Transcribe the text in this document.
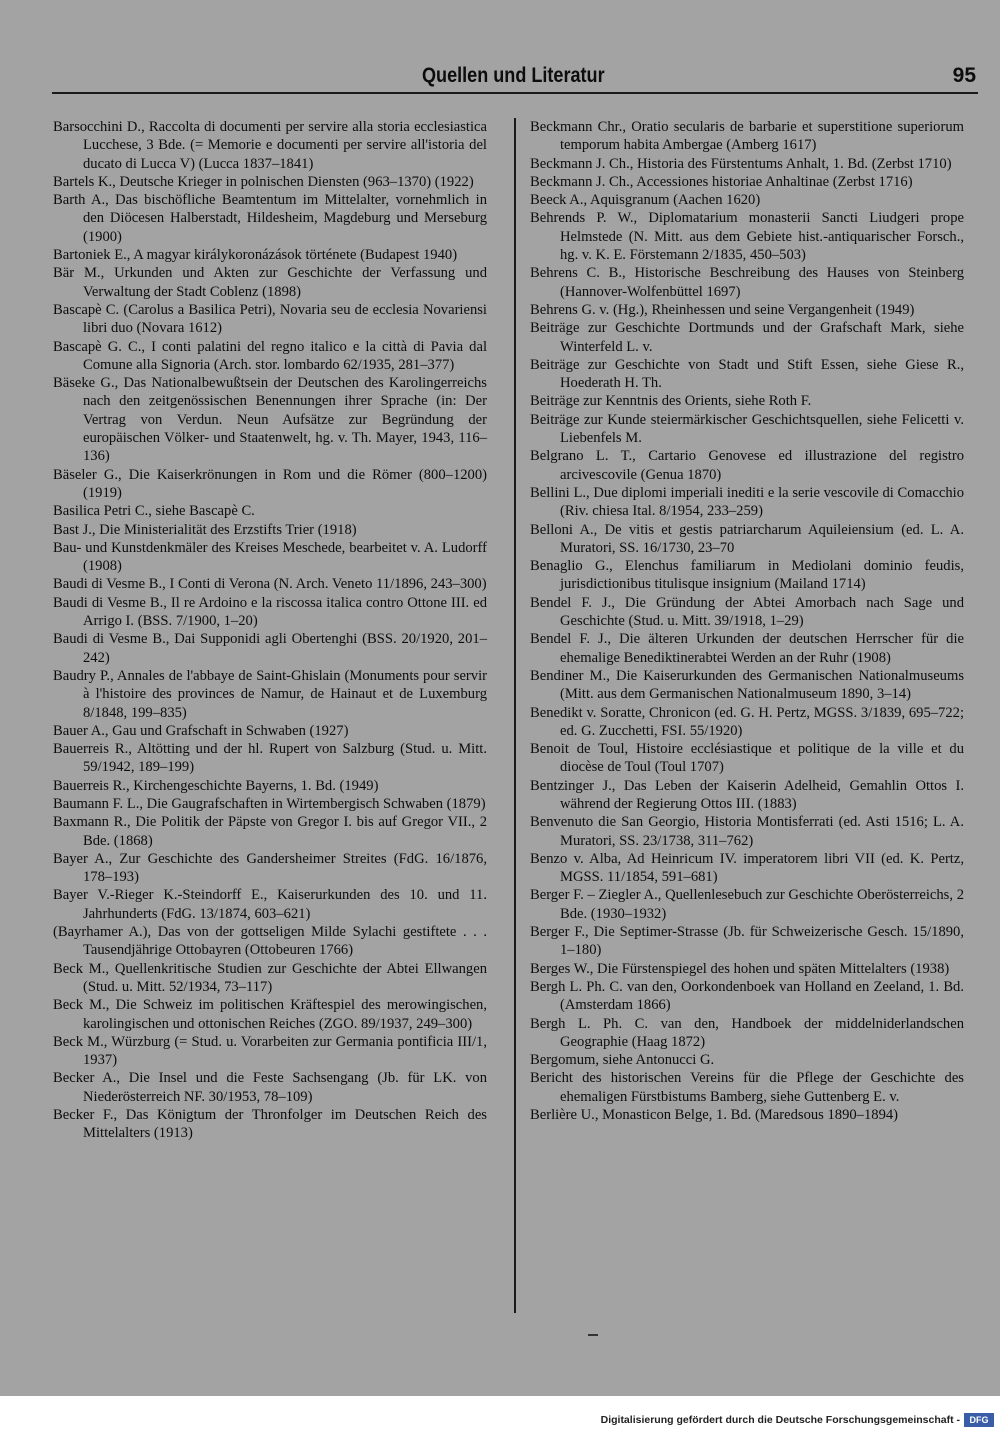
Quellen und Literatur	95

Barsocchini D., Raccolta di documenti per servire alla storia ecclesiastica Lucchese, 3 Bde. (= Memorie e documenti per servire all'istoria del ducato di Lucca V) (Lucca 1837–1841)

Bartels K., Deutsche Krieger in polnischen Diensten (963–1370) (1922)

Barth A., Das bischöfliche Beamtentum im Mittelalter, vornehmlich in den Diöcesen Halberstadt, Hildesheim, Magdeburg und Merseburg (1900)

Bartoniek E., A magyar királykoronázások története (Budapest 1940)

Bär M., Urkunden und Akten zur Geschichte der Verfassung und Verwaltung der Stadt Coblenz (1898)

Bascapè C. (Carolus a Basilica Petri), Novaria seu de ecclesia Novariensi libri duo (Novara 1612)

Bascapè G. C., I conti palatini del regno italico e la città di Pavia dal Comune alla Signoria (Arch. stor. lombardo 62/1935, 281–377)

Bäseke G., Das Nationalbewußtsein der Deutschen des Karolingerreichs nach den zeitgenössischen Benennungen ihrer Sprache (in: Der Vertrag von Verdun. Neun Aufsätze zur Begründung der europäischen Völker- und Staatenwelt, hg. v. Th. Mayer, 1943, 116–136)

Bäseler G., Die Kaiserkrönungen in Rom und die Römer (800–1200) (1919)

Basilica Petri C., siehe Bascapè C.

Bast J., Die Ministerialität des Erzstifts Trier (1918)

Bau- und Kunstdenkmäler des Kreises Meschede, bearbeitet v. A. Ludorff (1908)

Baudi di Vesme B., I Conti di Verona (N. Arch. Veneto 11/1896, 243–300)

Baudi di Vesme B., Il re Ardoino e la riscossa italica contro Ottone III. ed Arrigo I. (BSS. 7/1900, 1–20)

Baudi di Vesme B., Dai Supponidi agli Obertenghi (BSS. 20/1920, 201–242)

Baudry P., Annales de l'abbaye de Saint-Ghislain (Monuments pour servir à l'histoire des provinces de Namur, de Hainaut et de Luxemburg 8/1848, 199–835)

Bauer A., Gau und Grafschaft in Schwaben (1927)

Bauerreis R., Altötting und der hl. Rupert von Salzburg (Stud. u. Mitt. 59/1942, 189–199)

Bauerreis R., Kirchengeschichte Bayerns, 1. Bd. (1949)

Baumann F. L., Die Gaugrafschaften in Wirtembergisch Schwaben (1879)

Baxmann R., Die Politik der Päpste von Gregor I. bis auf Gregor VII., 2 Bde. (1868)

Bayer A., Zur Geschichte des Gandersheimer Streites (FdG. 16/1876, 178–193)

Bayer V.-Rieger K.-Steindorff E., Kaiserurkunden des 10. und 11. Jahrhunderts (FdG. 13/1874, 603–621)

(Bayrhamer A.), Das von der gottseligen Milde Sylachi gestiftete . . . Tausendjährige Ottobayren (Ottobeuren 1766)

Beck M., Quellenkritische Studien zur Geschichte der Abtei Ellwangen (Stud. u. Mitt. 52/1934, 73–117)

Beck M., Die Schweiz im politischen Kräftespiel des merowingischen, karolingischen und ottonischen Reiches (ZGO. 89/1937, 249–300)

Beck M., Würzburg (= Stud. u. Vorarbeiten zur Germania pontificia III/1, 1937)

Becker A., Die Insel und die Feste Sachsengang (Jb. für LK. von Niederösterreich NF. 30/1953, 78–109)

Becker F., Das Königtum der Thronfolger im Deutschen Reich des Mittelalters (1913)

Beckmann Chr., Oratio secularis de barbarie et superstitione superiorum temporum habita Ambergae (Amberg 1617)

Beckmann J. Ch., Historia des Fürstentums Anhalt, 1. Bd. (Zerbst 1710)

Beckmann J. Ch., Accessiones historiae Anhaltinae (Zerbst 1716)

Beeck A., Aquisgranum (Aachen 1620)

Behrends P. W., Diplomatarium monasterii Sancti Liudgeri prope Helmstede (N. Mitt. aus dem Gebiete hist.-antiquarischer Forsch., hg. v. K. E. Förstemann 2/1835, 450–503)

Behrens C. B., Historische Beschreibung des Hauses von Steinberg (Hannover-Wolfenbüttel 1697)

Behrens G. v. (Hg.), Rheinhessen und seine Vergangenheit (1949)

Beiträge zur Geschichte Dortmunds und der Grafschaft Mark, siehe Winterfeld L. v.

Beiträge zur Geschichte von Stadt und Stift Essen, siehe Giese R., Hoederath H. Th.

Beiträge zur Kenntnis des Orients, siehe Roth F.

Beiträge zur Kunde steiermärkischer Geschichtsquellen, siehe Felicetti v. Liebenfels M.

Belgrano L. T., Cartario Genovese ed illustrazione del registro arcivescovile (Genua 1870)

Bellini L., Due diplomi imperiali inediti e la serie vescovile di Comacchio (Riv. chiesa Ital. 8/1954, 233–259)

Belloni A., De vitis et gestis patriarcharum Aquileiensium (ed. L. A. Muratori, SS. 16/1730, 23–70

Benaglio G., Elenchus familiarum in Mediolani dominio feudis, jurisdictionibus titulisque insignium (Mailand 1714)

Bendel F. J., Die Gründung der Abtei Amorbach nach Sage und Geschichte (Stud. u. Mitt. 39/1918, 1–29)

Bendel F. J., Die älteren Urkunden der deutschen Herrscher für die ehemalige Benediktinerabtei Werden an der Ruhr (1908)

Bendiner M., Die Kaiserurkunden des Germanischen Nationalmuseums (Mitt. aus dem Germanischen Nationalmuseum 1890, 3–14)

Benedikt v. Soratte, Chronicon (ed. G. H. Pertz, MGSS. 3/1839, 695–722; ed. G. Zucchetti, FSI. 55/1920)

Benoit de Toul, Histoire ecclésiastique et politique de la ville et du diocèse de Toul (Toul 1707)

Bentzinger J., Das Leben der Kaiserin Adelheid, Gemahlin Ottos I. während der Regierung Ottos III. (1883)

Benvenuto die San Georgio, Historia Montisferrati (ed. Asti 1516; L. A. Muratori, SS. 23/1738, 311–762)

Benzo v. Alba, Ad Heinricum IV. imperatorem libri VII (ed. K. Pertz, MGSS. 11/1854, 591–681)

Berger F. – Ziegler A., Quellenlesebuch zur Geschichte Oberösterreichs, 2 Bde. (1930–1932)

Berger F., Die Septimer-Strasse (Jb. für Schweizerische Gesch. 15/1890, 1–180)

Berges W., Die Fürstenspiegel des hohen und späten Mittelalters (1938)

Bergh L. Ph. C. van den, Oorkondenboek van Holland en Zeeland, 1. Bd. (Amsterdam 1866)

Bergh L. Ph. C. van den, Handboek der middelniderlandschen Geographie (Haag 1872)

Bergomum, siehe Antonucci G.

Bericht des historischen Vereins für die Pflege der Geschichte des ehemaligen Fürstbistums Bamberg, siehe Guttenberg E. v.

Berlière U., Monasticon Belge, 1. Bd. (Maredsous 1890–1894)

Digitalisierung gefördert durch die Deutsche Forschungsgemeinschaft -	DFG
